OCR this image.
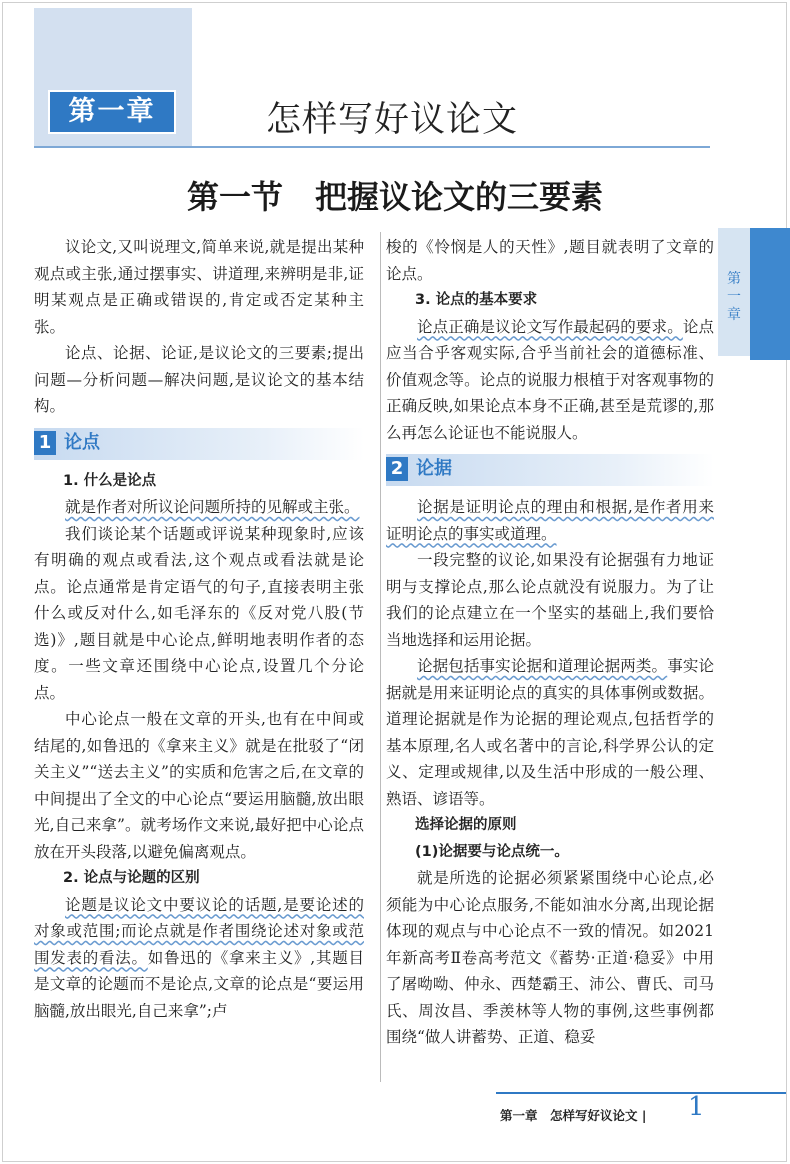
第一章	怎样写好议论文
第一节　把握议论文的三要素
第
一
章

议论文,又叫说理文,简单来说,就是提出某种观点或主张,通过摆事实、讲道理,来辨明是非,证明某观点是正确或错误的,肯定或否定某种主张。

论点、论据、论证,是议论文的三要素;提出问题—分析问题—解决问题,是议论文的基本结构。

1 论点

1. 什么是论点

就是作者对所议论问题所持的见解或主张。

我们谈论某个话题或评说某种现象时,应该有明确的观点或看法,这个观点或看法就是论点。论点通常是肯定语气的句子,直接表明主张什么或反对什么,如毛泽东的《反对党八股(节选)》,题目就是中心论点,鲜明地表明作者的态度。一些文章还围绕中心论点,设置几个分论点。

中心论点一般在文章的开头,也有在中间或结尾的,如鲁迅的《拿来主义》就是在批驳了“闭关主义”“送去主义”的实质和危害之后,在文章的中间提出了全文的中心论点“要运用脑髓,放出眼光,自己来拿”。就考场作文来说,最好把中心论点放在开头段落,以避免偏离观点。

2. 论点与论题的区别

论题是议论文中要议论的话题,是要论述的对象或范围;而论点就是作者围绕论述对象或范围发表的看法。如鲁迅的《拿来主义》,其题目是文章的论题而不是论点,文章的论点是“要运用脑髓,放出眼光,自己来拿”;卢

梭的《怜悯是人的天性》,题目就表明了文章的论点。

3. 论点的基本要求

论点正确是议论文写作最起码的要求。论点应当合乎客观实际,合乎当前社会的道德标准、价值观念等。论点的说服力根植于对客观事物的正确反映,如果论点本身不正确,甚至是荒谬的,那么再怎么论证也不能说服人。

2 论据

论据是证明论点的理由和根据,是作者用来证明论点的事实或道理。

一段完整的议论,如果没有论据强有力地证明与支撑论点,那么论点就没有说服力。为了让我们的论点建立在一个坚实的基础上,我们要恰当地选择和运用论据。

论据包括事实论据和道理论据两类。事实论据就是用来证明论点的真实的具体事例或数据。道理论据就是作为论据的理论观点,包括哲学的基本原理,名人或名著中的言论,科学界公认的定义、定理或规律,以及生活中形成的一般公理、熟语、谚语等。

选择论据的原则

(1)论据要与论点统一。

就是所选的论据必须紧紧围绕中心论点,必须能为中心论点服务,不能如油水分离,出现论据体现的观点与中心论点不一致的情况。如2021年新高考Ⅱ卷高考范文《蓄势·正道·稳妥》中用了屠呦呦、仲永、西楚霸王、沛公、曹氏、司马氏、周汝昌、季羡林等人物的事例,这些事例都围绕“做人讲蓄势、正道、稳妥

第一章　怎样写好议论文 | 1
